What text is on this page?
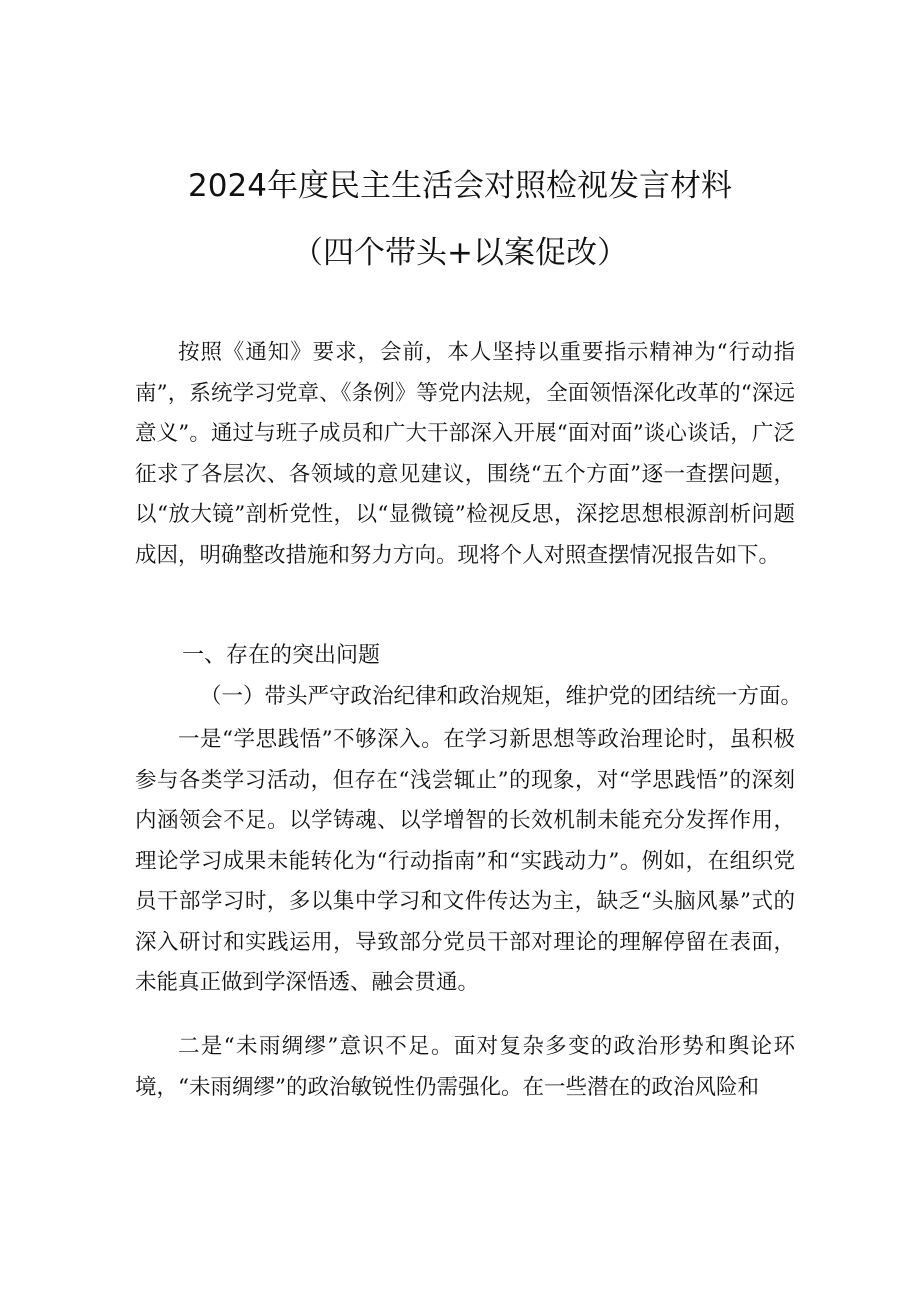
2024年度民主生活会对照检视发言材料
（四个带头+以案促改）

按照《通知》要求，会前，本人坚持以重要指示精神为“行动指南”，系统学习党章、《条例》等党内法规，全面领悟深化改革的“深远意义”。通过与班子成员和广大干部深入开展“面对面”谈心谈话，广泛征求了各层次、各领域的意见建议，围绕“五个方面”逐一查摆问题，以“放大镜”剖析党性，以“显微镜”检视反思，深挖思想根源剖析问题成因，明确整改措施和努力方向。现将个人对照查摆情况报告如下。

一、存在的突出问题

（一）带头严守政治纪律和政治规矩，维护党的团结统一方面。

一是“学思践悟”不够深入。在学习新思想等政治理论时，虽积极参与各类学习活动，但存在“浅尝辄止”的现象，对“学思践悟”的深刻内涵领会不足。以学铸魂、以学增智的长效机制未能充分发挥作用，理论学习成果未能转化为“行动指南”和“实践动力”。例如，在组织党员干部学习时，多以集中学习和文件传达为主，缺乏“头脑风暴”式的深入研讨和实践运用，导致部分党员干部对理论的理解停留在表面，未能真正做到学深悟透、融会贯通。

二是“未雨绸缪”意识不足。面对复杂多变的政治形势和舆论环境，“未雨绸缪”的政治敏锐性仍需强化。在一些潜在的政治风险和
